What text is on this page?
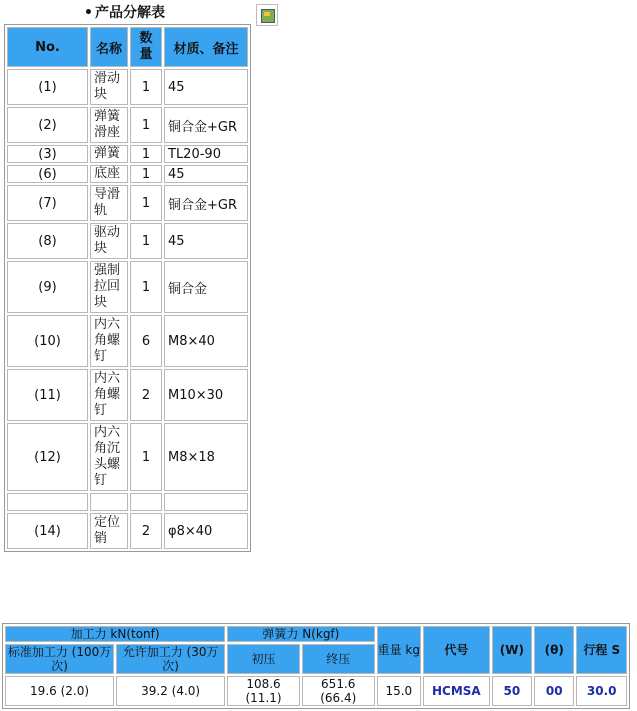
• 产品分解表
No.	名称	数量	材质、备注
(1)	滑动块	1	45
(2)	弹簧滑座	1	铜合金+GR
(3)	弹簧	1	TL20-90
(6)	底座	1	45
(7)	导滑轨	1	铜合金+GR
(8)	驱动块	1	45
(9)	强制拉回块	1	铜合金
(10)	内六角螺钉	6	M8×40
(11)	内六角螺钉	2	M10×30
(12)	内六角沉头螺钉	1	M8×18

(14)	定位销	2	φ8×40
加工力 kN(tonf)		弹簧力 N(kgf)		重量 kg	代号	(W)	(θ)	行程 S
标准加工力 (100万次)	允许加工力 (30万次)	初压	终压					
19.6 (2.0)	39.2 (4.0)	108.6 (11.1)	651.6 (66.4)	15.0	HCMSA	50	00	30.0
